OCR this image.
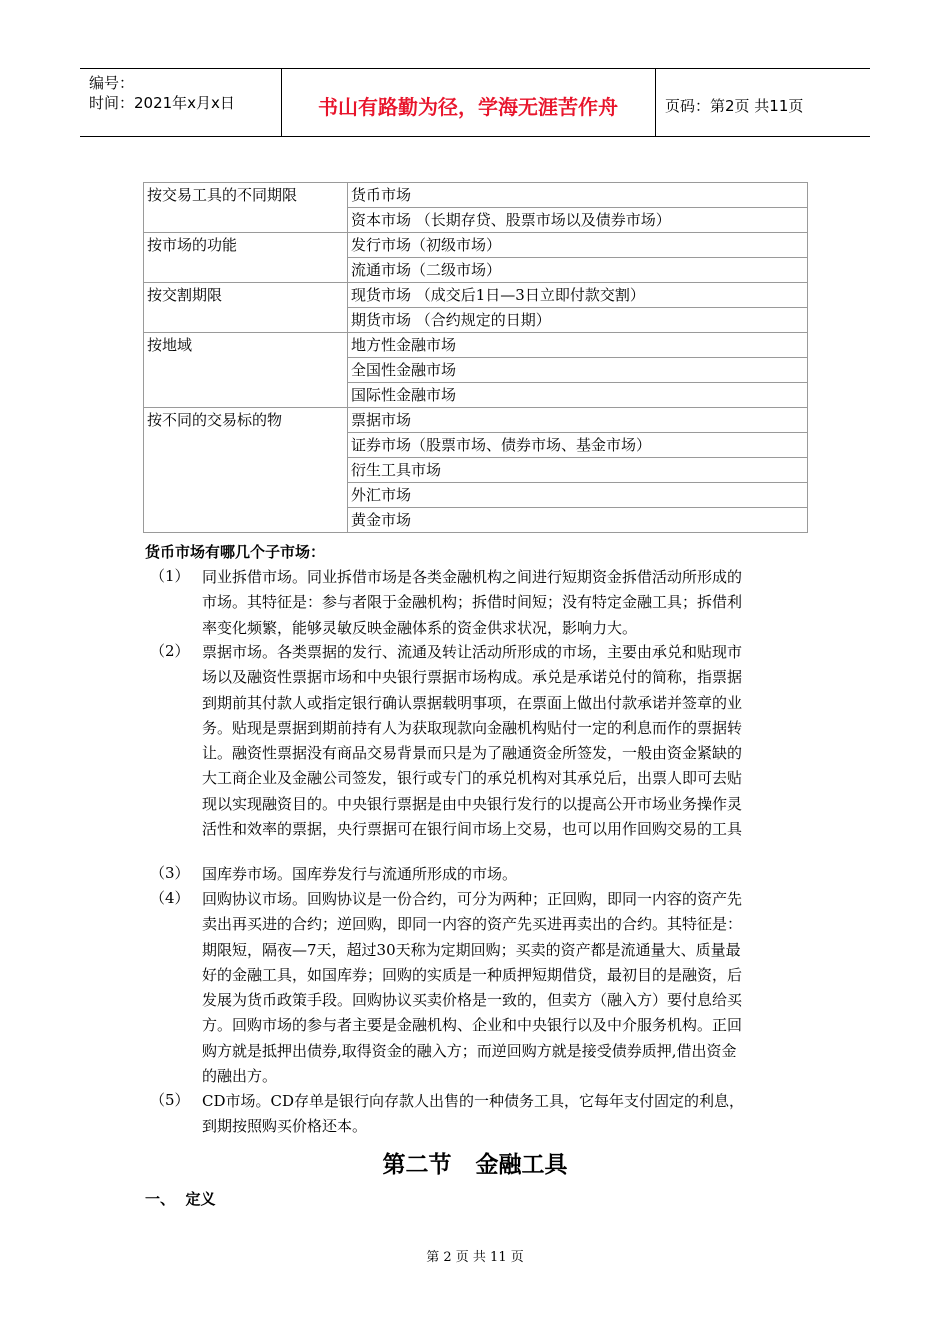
编号：
时间：2021年x月x日	书山有路勤为径，学海无涯苦作舟	页码：第2页 共11页
按交易工具的不同期限	货币市场
	资本市场 （长期存贷、股票市场以及债券市场）
按市场的功能	发行市场（初级市场）
	流通市场（二级市场）
按交割期限	现货市场 （成交后1日—3日立即付款交割）
	期货市场 （合约规定的日期）
按地域	地方性金融市场
	全国性金融市场
	国际性金融市场
按不同的交易标的物	票据市场
	证券市场（股票市场、债券市场、基金市场）
	衍生工具市场
	外汇市场
	黄金市场
货币市场有哪几个子市场：
（1） 同业拆借市场。同业拆借市场是各类金融机构之间进行短期资金拆借活动所形成的
市场。其特征是：参与者限于金融机构；拆借时间短；没有特定金融工具；拆借利
率变化频繁，能够灵敏反映金融体系的资金供求状况，影响力大。
（2） 票据市场。各类票据的发行、流通及转让活动所形成的市场，主要由承兑和贴现市
场以及融资性票据市场和中央银行票据市场构成。承兑是承诺兑付的简称，指票据
到期前其付款人或指定银行确认票据载明事项，在票面上做出付款承诺并签章的业
务。贴现是票据到期前持有人为获取现款向金融机构贴付一定的利息而作的票据转
让。融资性票据没有商品交易背景而只是为了融通资金所签发，一般由资金紧缺的
大工商企业及金融公司签发，银行或专门的承兑机构对其承兑后，出票人即可去贴
现以实现融资目的。中央银行票据是由中央银行发行的以提高公开市场业务操作灵
活性和效率的票据，央行票据可在银行间市场上交易，也可以用作回购交易的工具
（3） 国库券市场。国库券发行与流通所形成的市场。
（4） 回购协议市场。回购协议是一份合约，可分为两种；正回购，即同一内容的资产先
卖出再买进的合约；逆回购，即同一内容的资产先买进再卖出的合约。其特征是：
期限短，隔夜—7天，超过30天称为定期回购；买卖的资产都是流通量大、质量最
好的金融工具，如国库券；回购的实质是一种质押短期借贷，最初目的是融资，后
发展为货币政策手段。回购协议买卖价格是一致的，但卖方（融入方）要付息给买
方。回购市场的参与者主要是金融机构、企业和中央银行以及中介服务机构。正回
购方就是抵押出债券,取得资金的融入方；而逆回购方就是接受债券质押,借出资金
的融出方。
（5） CD市场。CD存单是银行向存款人出售的一种债务工具，它每年支付固定的利息，
到期按照购买价格还本。
第二节   金融工具
一、  定义
第 2 页 共 11 页
